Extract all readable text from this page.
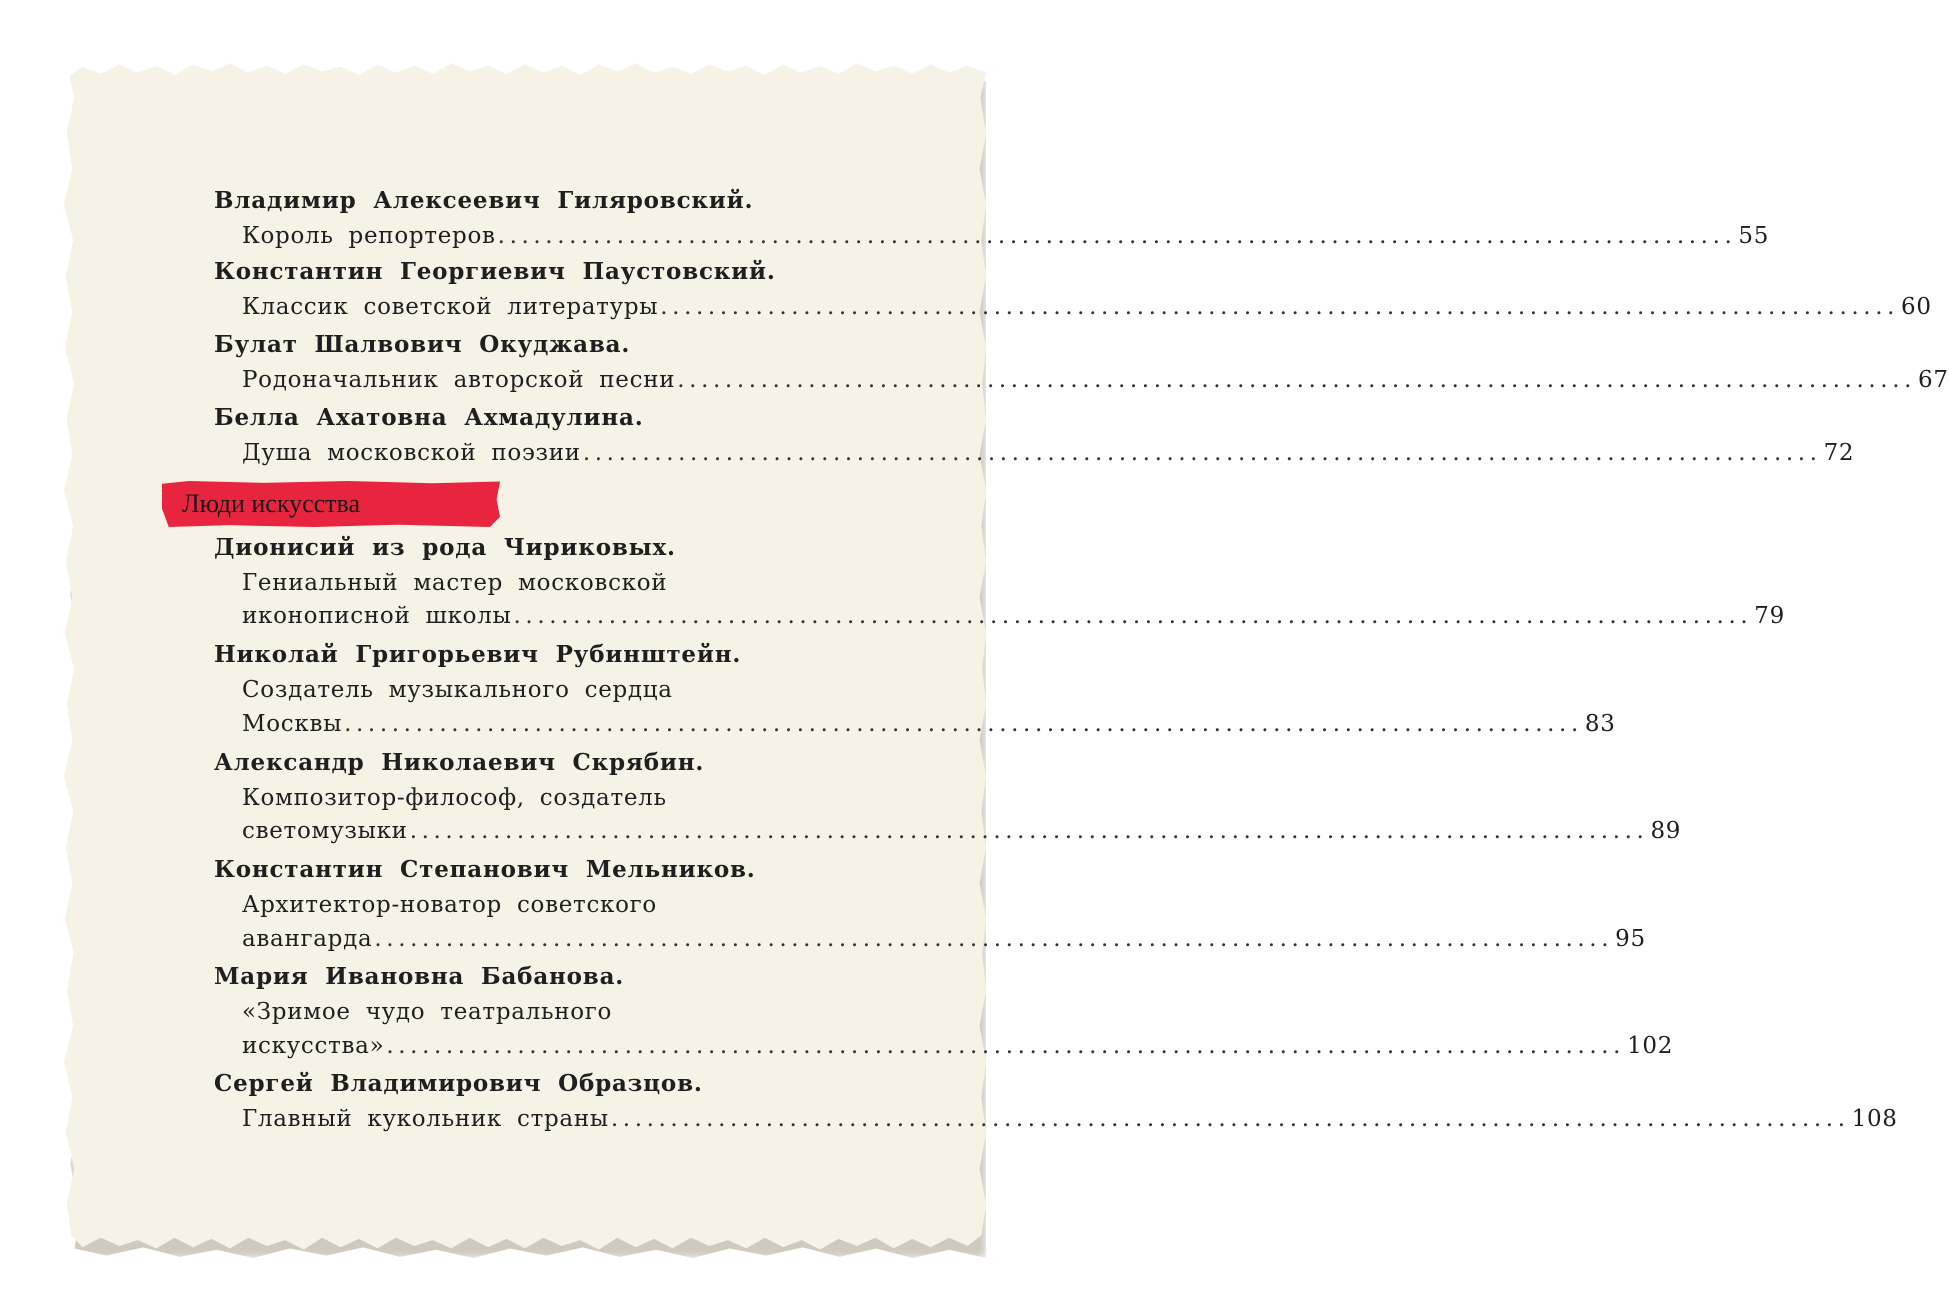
Владимир Алексеевич Гиляровский.
Король репортеров ........................................................................................................ 55
Константин Георгиевич Паустовский.
Классик советской литературы ........................................................................................................ 60
Булат Шалвович Окуджава.
Родоначальник авторской песни ........................................................................................................ 67
Белла Ахатовна Ахмадулина.
Душа московской поэзии ........................................................................................................ 72
Люди искусства
Дионисий из рода Чириковых.
Гениальный мастер московской
иконописной школы ........................................................................................................ 79
Николай Григорьевич Рубинштейн.
Создатель музыкального сердца
Москвы ........................................................................................................ 83
Александр Николаевич Скрябин.
Композитор-философ, создатель
светомузыки ........................................................................................................ 89
Константин Степанович Мельников.
Архитектор-новатор советского
авангарда ........................................................................................................ 95
Мария Ивановна Бабанова.
«Зримое чудо театрального
искусства» ........................................................................................................ 102
Сергей Владимирович Образцов.
Главный кукольник страны ........................................................................................................ 108
